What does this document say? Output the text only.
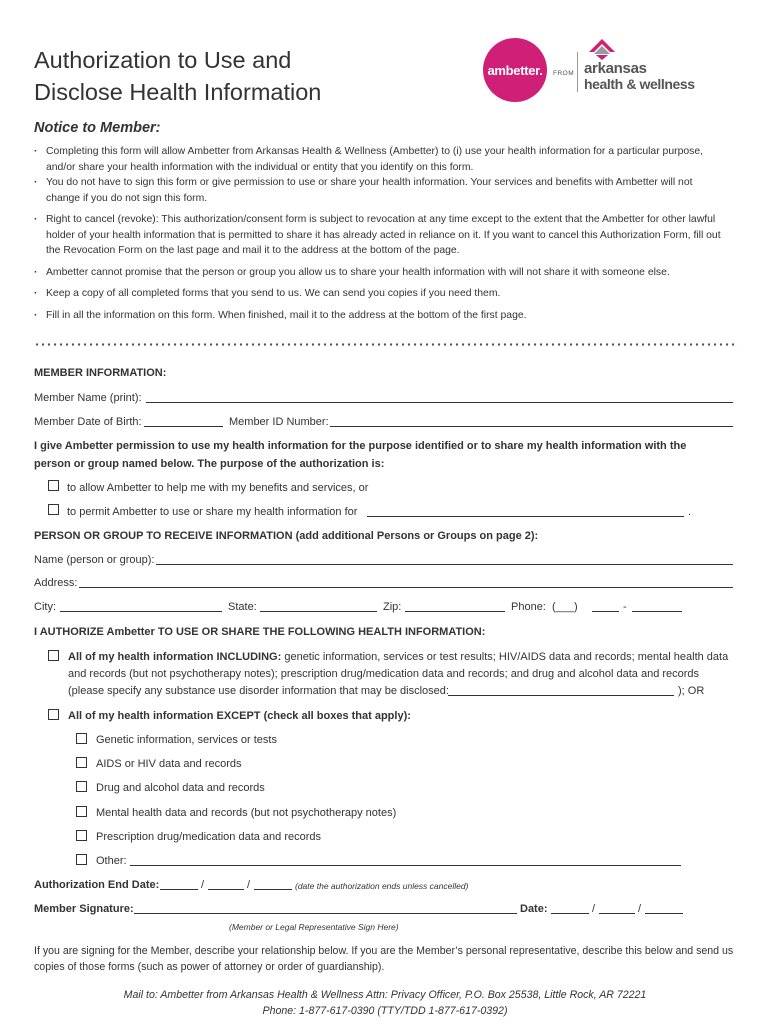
Authorization to Use and
Disclose Health Information
ambetter. FROM arkansas
health & wellness
Notice to Member:
· Completing this form will allow Ambetter from Arkansas Health & Wellness (Ambetter) to (i) use your health information for a particular purpose, and/or share your health information with the individual or entity that you identify on this form.
· You do not have to sign this form or give permission to use or share your health information. Your services and benefits with Ambetter will not change if you do not sign this form.
· Right to cancel (revoke): This authorization/consent form is subject to revocation at any time except to the extent that the Ambetter for other lawful holder of your health information that is permitted to share it has already acted in reliance on it. If you want to cancel this Authorization Form, fill out the Revocation Form on the last page and mail it to the address at the bottom of the page.
· Ambetter cannot promise that the person or group you allow us to share your health information with will not share it with someone else.
· Keep a copy of all completed forms that you send to us. We can send you copies if you need them.
· Fill in all the information on this form. When finished, mail it to the address at the bottom of the first page.
MEMBER INFORMATION:
Member Name (print):
Member Date of Birth:	Member ID Number:
I give Ambetter permission to use my health information for the purpose identified or to share my health information with the
person or group named below. The purpose of the authorization is:
to allow Ambetter to help me with my benefits and services, or
to permit Ambetter to use or share my health information for	.
PERSON OR GROUP TO RECEIVE INFORMATION (add additional Persons or Groups on page 2):
Name (person or group):
Address:
City:	State:	Zip:	Phone: (___)	-
I AUTHORIZE Ambetter TO USE OR SHARE THE FOLLOWING HEALTH INFORMATION:
All of my health information INCLUDING: genetic information, services or test results; HIV/AIDS data and records; mental health data
and records (but not psychotherapy notes); prescription drug/medication data and records; and drug and alcohol data and records
(please specify any substance use disorder information that may be disclosed:	); OR
All of my health information EXCEPT (check all boxes that apply):
Genetic information, services or tests
AIDS or HIV data and records
Drug and alcohol data and records
Mental health data and records (but not psychotherapy notes)
Prescription drug/medication data and records
Other:
Authorization End Date:	/	/	(date the authorization ends unless cancelled)
Member Signature:	Date:	/	/
(Member or Legal Representative Sign Here)
If you are signing for the Member, describe your relationship below. If you are the Member’s personal representative, describe this below and send us copies of those forms (such as power of attorney or order of guardianship).
Mail to: Ambetter from Arkansas Health & Wellness Attn: Privacy Officer, P.O. Box 25538, Little Rock, AR 72221
Phone: 1-877-617-0390 (TTY/TDD 1-877-617-0392)
